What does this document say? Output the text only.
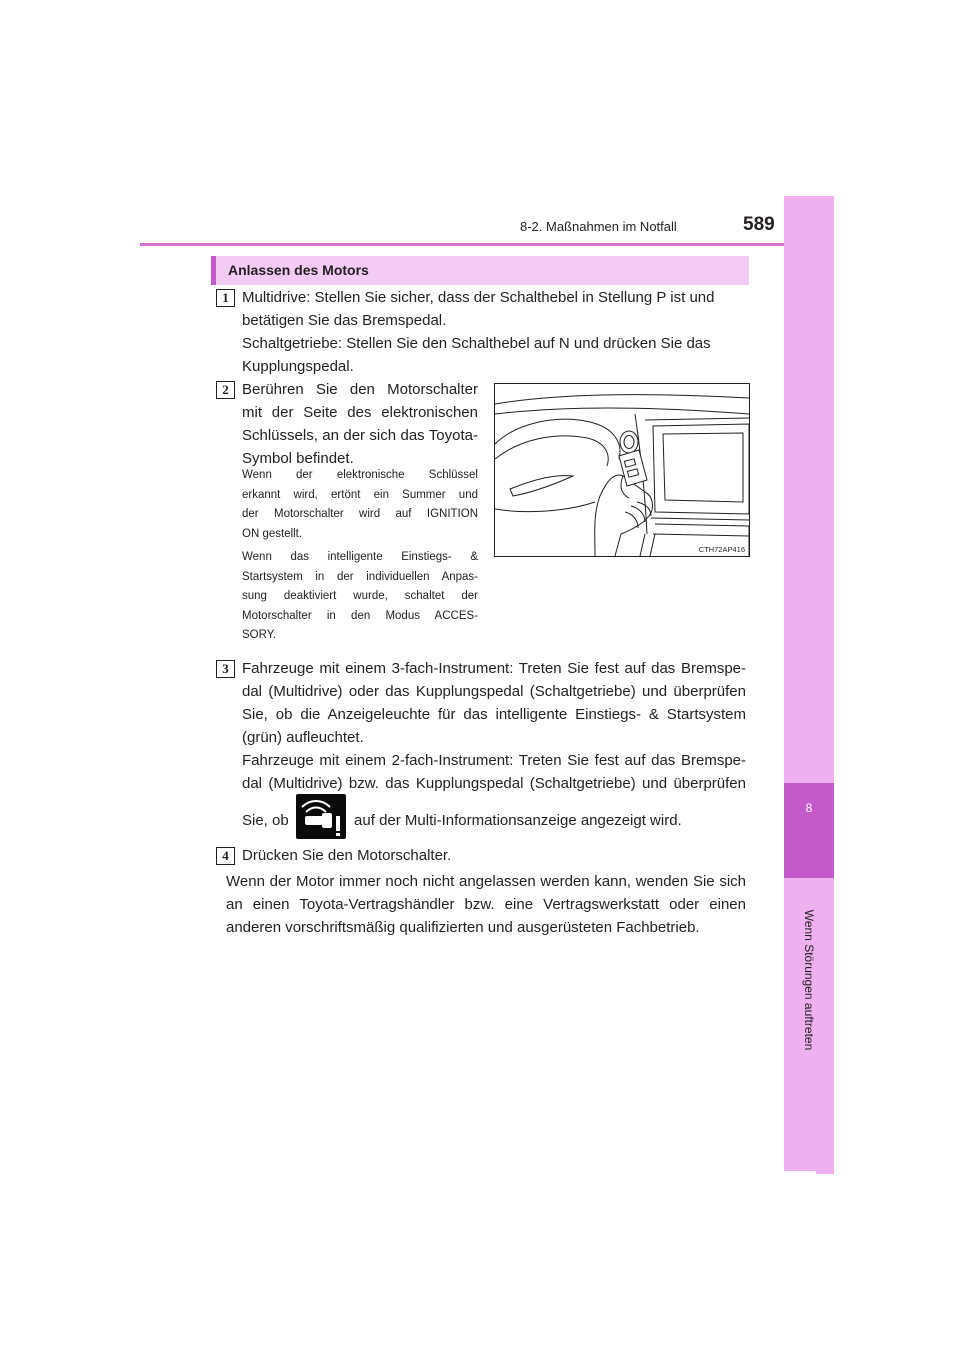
8-2. Maßnahmen im Notfall	589
8
Wenn Störungen auftreten
Anlassen des Motors
1 Multidrive: Stellen Sie sicher, dass der Schalthebel in Stellung P ist und
betätigen Sie das Bremspedal.
Schaltgetriebe: Stellen Sie den Schalthebel auf N und drücken Sie das
Kupplungspedal.
2 Berühren Sie den Motorschalter
mit der Seite des elektronischen
Schlüssels, an der sich das Toyota-
Symbol befindet.
Wenn der elektronische Schlüssel
erkannt wird, ertönt ein Summer und
der Motorschalter wird auf IGNITION
ON gestellt.
Wenn das intelligente Einstiegs- &
Startsystem in der individuellen Anpas-
sung deaktiviert wurde, schaltet der
Motorschalter in den Modus ACCES-
SORY.
CTH72AP416
3 Fahrzeuge mit einem 3-fach-Instrument: Treten Sie fest auf das Bremspe-
dal (Multidrive) oder das Kupplungspedal (Schaltgetriebe) und überprüfen
Sie, ob die Anzeigeleuchte für das intelligente Einstiegs- & Startsystem
(grün) aufleuchtet.
Fahrzeuge mit einem 2-fach-Instrument: Treten Sie fest auf das Bremspe-
dal (Multidrive) bzw. das Kupplungspedal (Schaltgetriebe) und überprüfen
Sie, ob	auf der Multi-Informationsanzeige angezeigt wird.
4 Drücken Sie den Motorschalter.
Wenn der Motor immer noch nicht angelassen werden kann, wenden Sie sich
an einen Toyota-Vertragshändler bzw. eine Vertragswerkstatt oder einen
anderen vorschriftsmäßig qualifizierten und ausgerüsteten Fachbetrieb.
